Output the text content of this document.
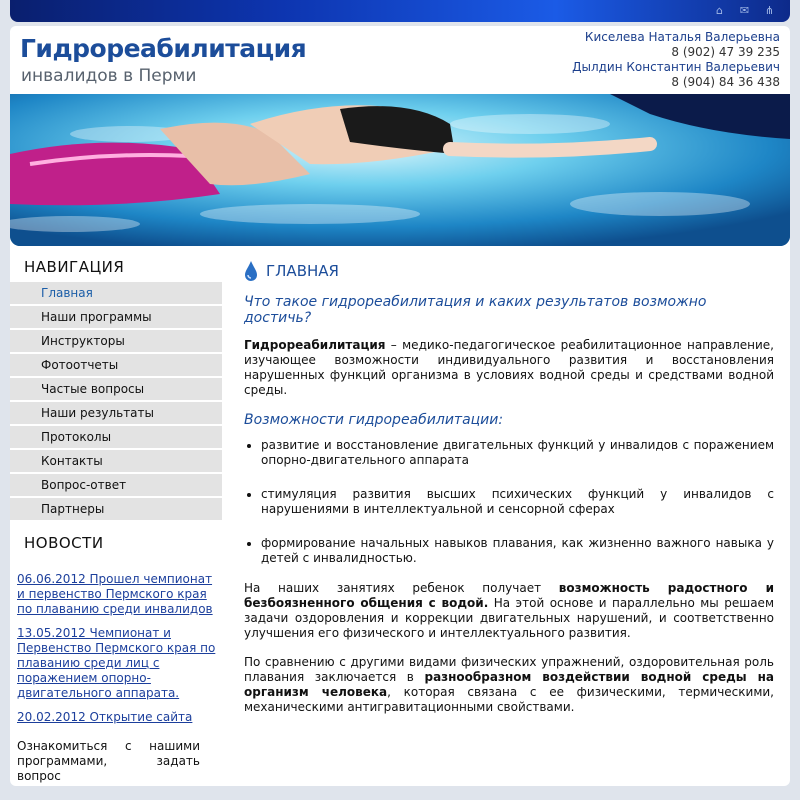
⌂ ✉ ⋔
Гидрореабилитация
инвалидов в Перми
Киселева Наталья Валерьевна
8 (902) 47 39 235
Дылдин Константин Валерьевич
8 (904) 84 36 438
НАВИГАЦИЯ
Главная
Наши программы
Инструкторы
Фотоотчеты
Частые вопросы
Наши результаты
Протоколы
Контакты
Вопрос-ответ
Партнеры
НОВОСТИ
06.06.2012 Прошел чемпионат и первенство Пермского края по плаванию среди инвалидов
13.05.2012 Чемпионат и Первенство Пермского края по плаванию среди лиц с поражением опорно-двигательного аппарата.
20.02.2012 Открытие сайта
Ознакомиться с нашими программами, задать вопрос
ГЛАВНАЯ
Что такое гидрореабилитация и каких результатов возможно достичь?

Гидрореабилитация – медико-педагогическое реабилитационное направление, изучающее возможности индивидуального развития и восстановления нарушенных функций организма в условиях водной среды и средствами водной среды.

Возможности гидрореабилитации:
• развитие и восстановление двигательных функций у инвалидов с поражением опорно-двигательного аппарата
• стимуляция развития высших психических функций у инвалидов с нарушениями в интеллектуальной и сенсорной сферах
• формирование начальных навыков плавания, как жизненно важного навыка у детей с инвалидностью.

На наших занятиях ребенок получает возможность радостного и безбоязненного общения с водой. На этой основе и параллельно мы решаем задачи оздоровления и коррекции двигательных нарушений, и соответственно улучшения его физического и интеллектуального развития.

По сравнению с другими видами физических упражнений, оздоровительная роль плавания заключается в разнообразном воздействии водной среды на организм человека, которая связана с ее физическими, термическими, механическими антигравитационными свойствами.
